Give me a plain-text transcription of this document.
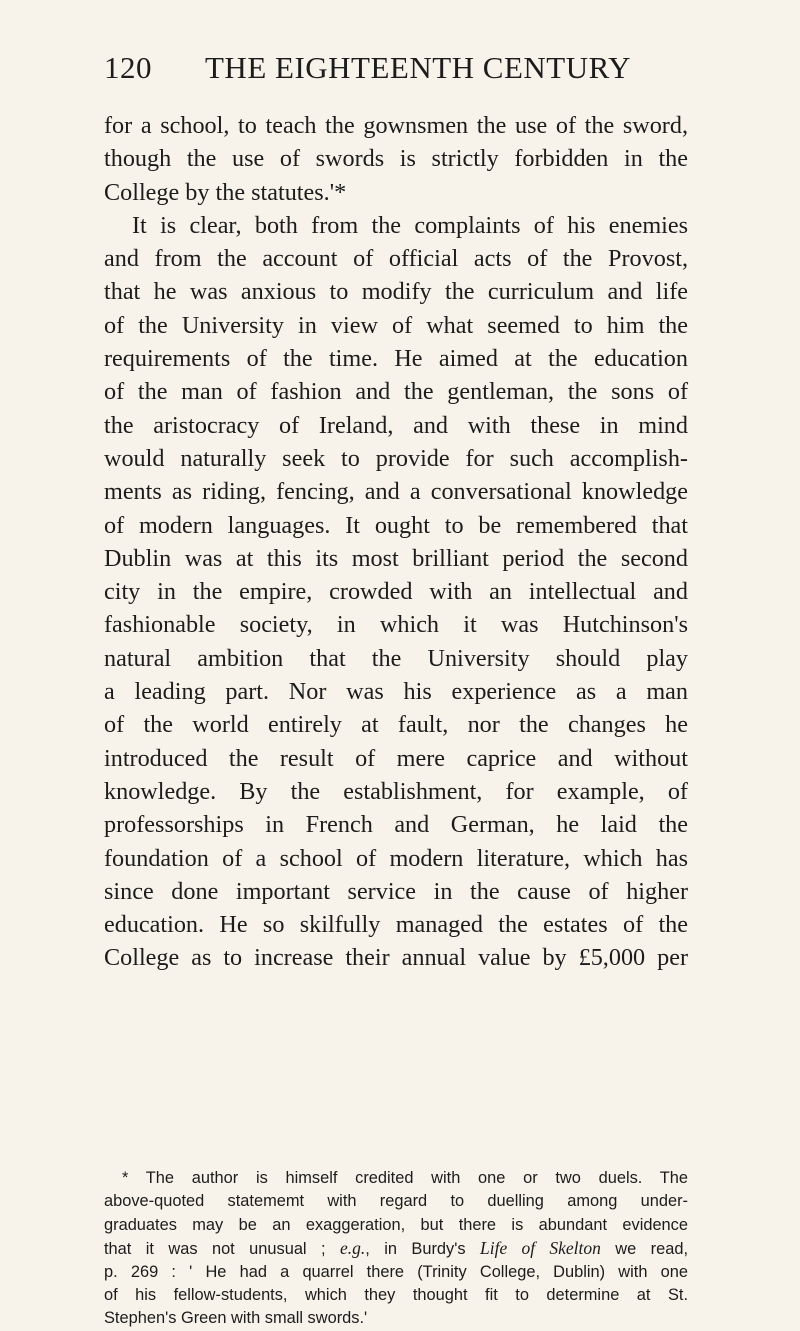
120 THE EIGHTEENTH CENTURY
for a school, to teach the gownsmen the use of the sword,
though the use of swords is strictly forbidden in the
College by the statutes.'*
It is clear, both from the complaints of his enemies
and from the account of official acts of the Provost,
that he was anxious to modify the curriculum and life
of the University in view of what seemed to him the
requirements of the time. He aimed at the education
of the man of fashion and the gentleman, the sons of
the aristocracy of Ireland, and with these in mind
would naturally seek to provide for such accomplish-
ments as riding, fencing, and a conversational knowledge
of modern languages. It ought to be remembered that
Dublin was at this its most brilliant period the second
city in the empire, crowded with an intellectual and
fashionable society, in which it was Hutchinson's
natural ambition that the University should play
a leading part. Nor was his experience as a man
of the world entirely at fault, nor the changes he
introduced the result of mere caprice and without
knowledge. By the establishment, for example, of
professorships in French and German, he laid the
foundation of a school of modern literature, which has
since done important service in the cause of higher
education. He so skilfully managed the estates of the
College as to increase their annual value by £5,000 per
* The author is himself credited with one or two duels. The
above-quoted statememt with regard to duelling among under-
graduates may be an exaggeration, but there is abundant evidence
that it was not unusual ; e.g., in Burdy's Life of Skelton we read,
p. 269 : ' He had a quarrel there (Trinity College, Dublin) with one
of his fellow-students, which they thought fit to determine at St.
Stephen's Green with small swords.'
